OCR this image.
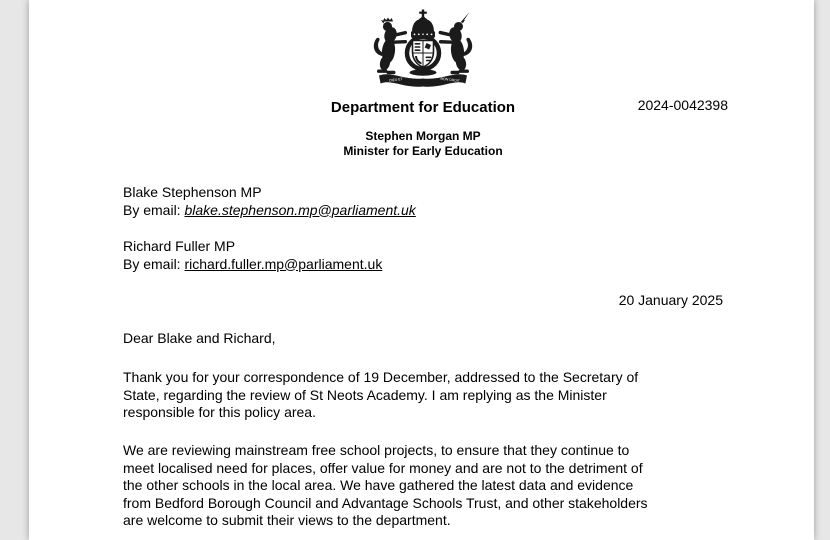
DIEU ET	MON DROIT
Department for Education	2024-0042398
Stephen Morgan MP
Minister for Early Education
Blake Stephenson MP
By email: blake.stephenson.mp@parliament.uk
Richard Fuller MP
By email: richard.fuller.mp@parliament.uk
20 January 2025
Dear Blake and Richard,
Thank you for your correspondence of 19 December, addressed to the Secretary of
State, regarding the review of St Neots Academy. I am replying as the Minister
responsible for this policy area.
We are reviewing mainstream free school projects, to ensure that they continue to
meet localised need for places, offer value for money and are not to the detriment of
the other schools in the local area. We have gathered the latest data and evidence
from Bedford Borough Council and Advantage Schools Trust, and other stakeholders
are welcome to submit their views to the department.
